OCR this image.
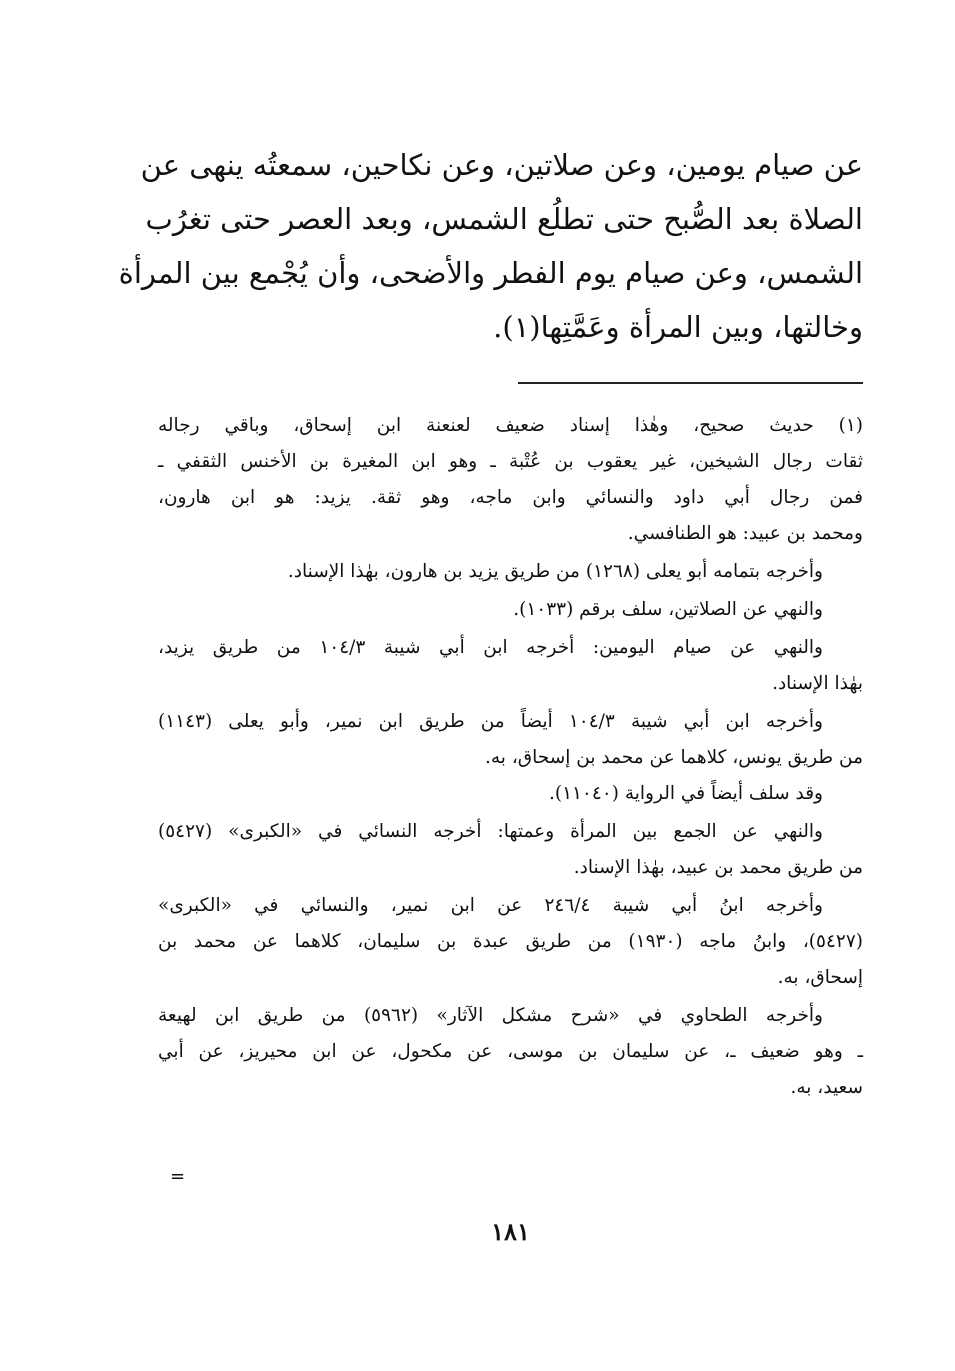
عن صيام يومين، وعن صلاتين، وعن نكاحين، سمعتُه ينهى عن
الصلاة بعد الصُّبح حتى تطلُع الشمس، وبعد العصر حتى تغرُب
الشمس، وعن صيام يوم الفطر والأضحى، وأن يُجْمع بين المرأة
وخالتها، وبين المرأة وعَمَّتِها(١).
(١) حديث صحيح، وهٰذا إسناد ضعيف لعنعنة ابن إسحاق، وباقي رجاله
ثقات رجال الشيخين، غير يعقوب بن عُتْبة ـ وهو ابن المغيرة بن الأخنس الثقفي ـ
فمن رجال أبي داود والنسائي وابن ماجه، وهو ثقة. يزيد: هو ابن هارون،
ومحمد بن عبيد: هو الطنافسي.
وأخرجه بتمامه أبو يعلى (١٢٦٨) من طريق يزيد بن هارون، بهٰذا الإسناد.
والنهي عن الصلاتين، سلف برقم (١٠٣٣).
والنهي عن صيام اليومين: أخرجه ابن أبي شيبة ١٠٤/٣ من طريق يزيد،
بهٰذا الإسناد.
وأخرجه ابن أبي شيبة ١٠٤/٣ أيضاً من طريق ابن نمير، وأبو يعلى (١١٤٣)
من طريق يونس، كلاهما عن محمد بن إسحاق، به.
وقد سلف أيضاً في الرواية (١١٠٤٠).
والنهي عن الجمع بين المرأة وعمتها: أخرجه النسائي في «الكبرى» (٥٤٢٧)
من طريق محمد بن عبيد، بهٰذا الإسناد.
وأخرجه ابنُ أبي شيبة ٢٤٦/٤ عن ابن نمير، والنسائي في «الكبرى»
(٥٤٢٧)، وابنُ ماجه (١٩٣٠) من طريق عبدة بن سليمان، كلاهما عن محمد بن
إسحاق، به.
وأخرجه الطحاوي في «شرح مشكل الآثار» (٥٩٦٢) من طريق ابن لهيعة
ـ وهو ضعيف ـ، عن سليمان بن موسى، عن مكحول، عن ابن محيريز، عن أبي
سعيد، به.
=
١٨١
